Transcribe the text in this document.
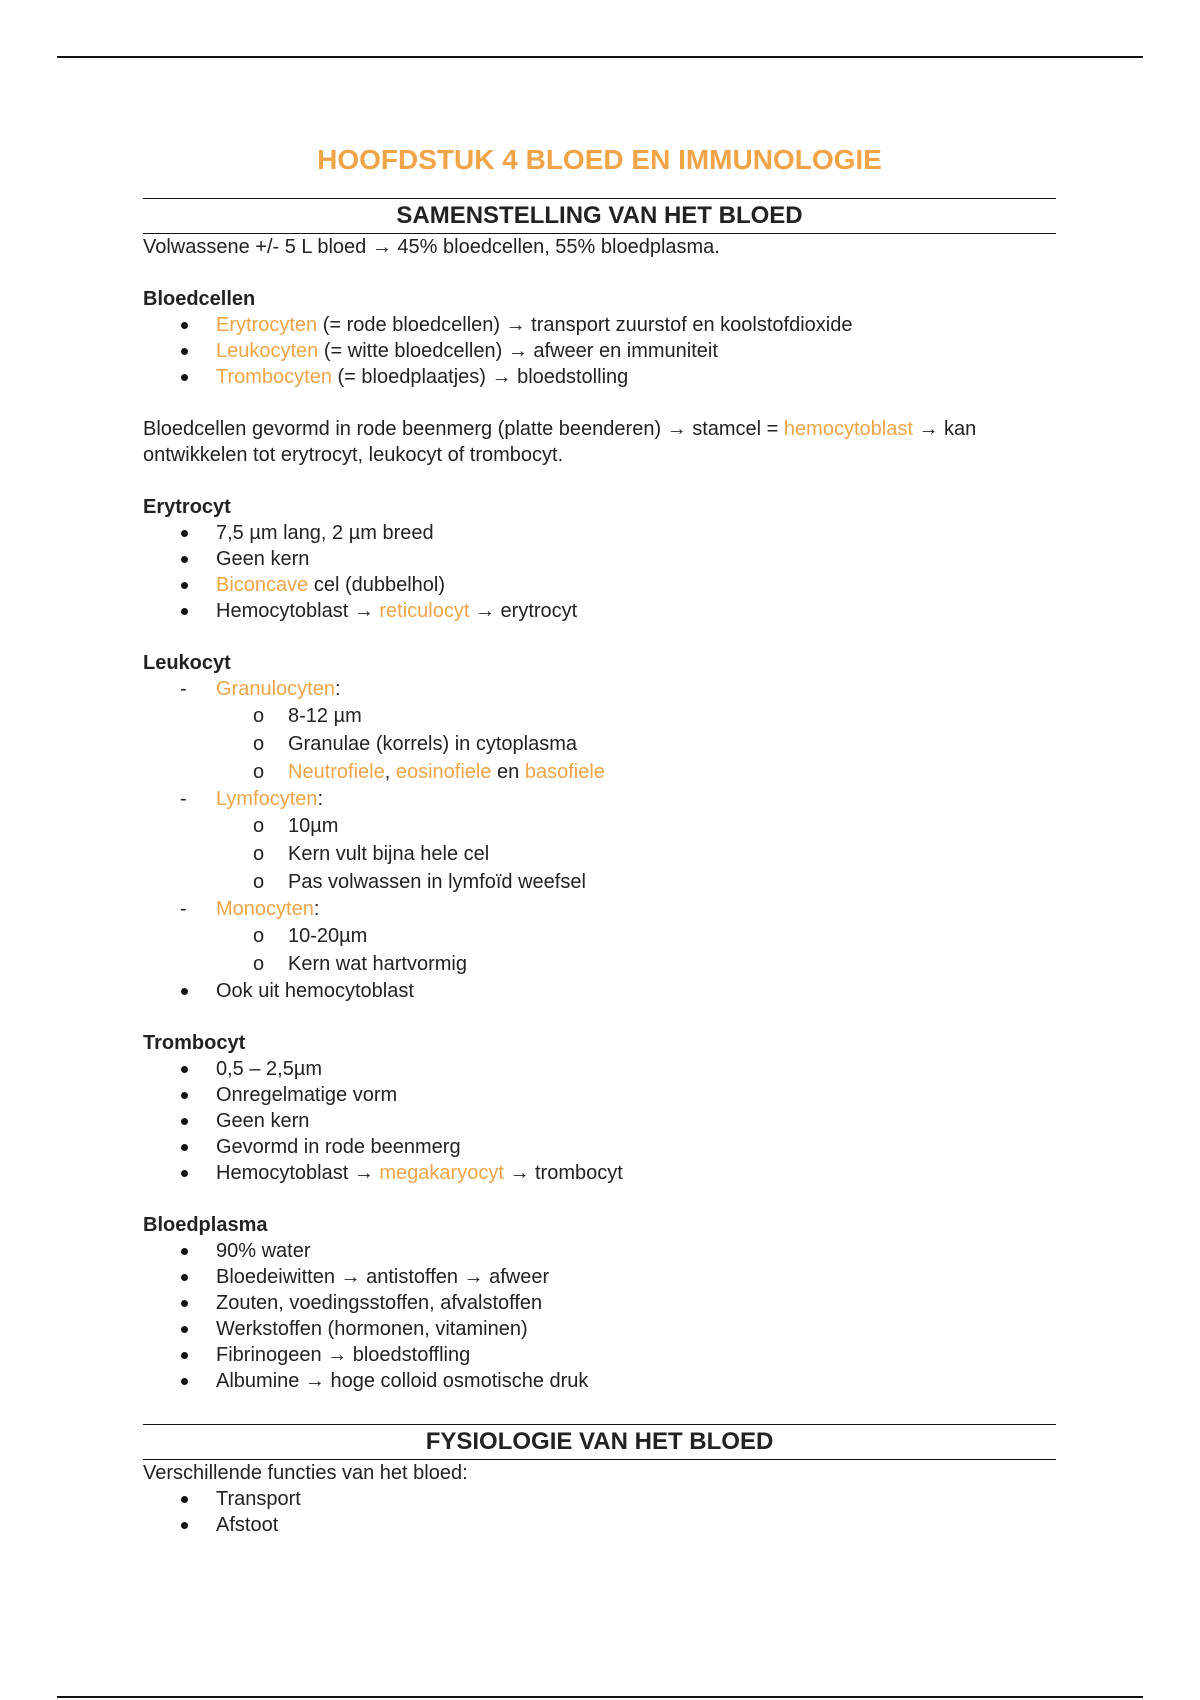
HOOFDSTUK 4 BLOED EN IMMUNOLOGIE
SAMENSTELLING VAN HET BLOED

Volwassene +/- 5 L bloed → 45% bloedcellen, 55% bloedplasma.

Bloedcellen

Erytrocyten (= rode bloedcellen) → transport zuurstof en koolstofdioxide
Leukocyten (= witte bloedcellen) → afweer en immuniteit
Trombocyten (= bloedplaatjes) → bloedstolling

Bloedcellen gevormd in rode beenmerg (platte beenderen) → stamcel = hemocytoblast → kan ontwikkelen tot erytrocyt, leukocyt of trombocyt.

Erytrocyt

7,5 µm lang, 2 µm breed
Geen kern
Biconcave cel (dubbelhol)
Hemocytoblast → reticulocyt → erytrocyt

Leukocyt

- Granulocyten:
o 8-12 µm
o Granulae (korrels) in cytoplasma
o Neutrofiele, eosinofiele en basofiele
- Lymfocyten:
o 10µm
o Kern vult bijna hele cel
o Pas volwassen in lymfoïd weefsel
- Monocyten:
o 10-20µm
o Kern wat hartvormig
Ook uit hemocytoblast

Trombocyt

0,5 – 2,5µm
Onregelmatige vorm
Geen kern
Gevormd in rode beenmerg
Hemocytoblast → megakaryocyt → trombocyt

Bloedplasma

90% water
Bloedeiwitten → antistoffen → afweer
Zouten, voedingsstoffen, afvalstoffen
Werkstoffen (hormonen, vitaminen)
Fibrinogeen → bloedstoffling
Albumine → hoge colloid osmotische druk
FYSIOLOGIE VAN HET BLOED

Verschillende functies van het bloed:

Transport
Afstoot
